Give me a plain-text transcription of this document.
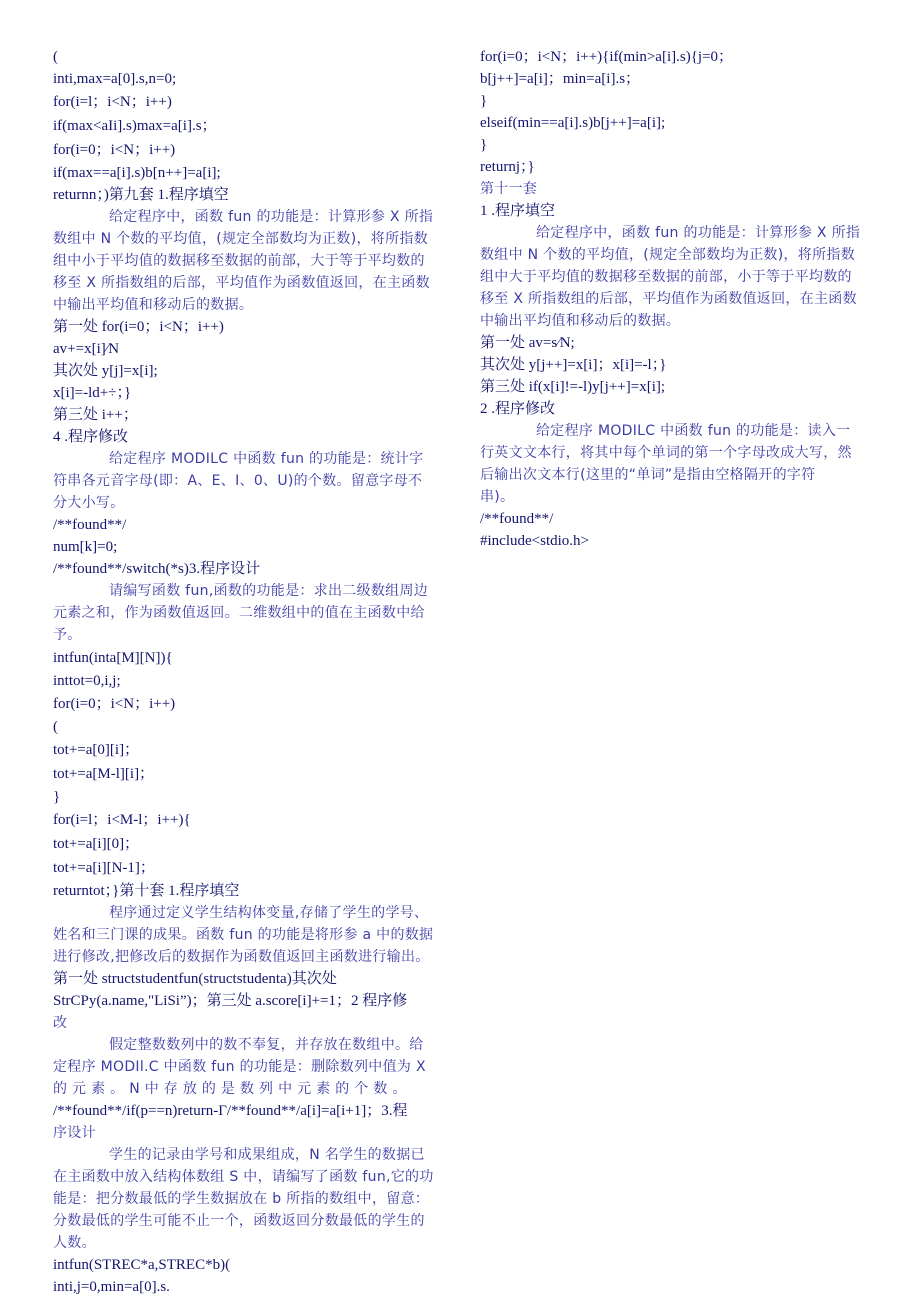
(
inti,max=a[0].s,n=0;
for(i=l；i<N；i++)
if(max<aIi].s)max=a[i].s；
for(i=0；i<N；i++)
if(max==a[i].s)b[n++]=a[i];
returnn；)第九套 1.程序填空
给定程序中，函数 fun 的功能是：计算形参 X 所指
数组中 N 个数的平均值，(规定全部数均为正数)，将所指数
组中小于平均值的数据移至数据的前部，大于等于平均数的
移至 X 所指数组的后部，平均值作为函数值返回，在主函数
中输出平均值和移动后的数据。
第一处 for(i=0；i<N；i++)
av+=x[i]∕N
其次处 y[j]=x[i];
x[i]=-ld+÷；}
第三处 i++；
4 .程序修改
给定程序 MODILC 中函数 fun 的功能是：统计字
符串各元音字母(即：A、E、I、0、U)的个数。留意字母不
分大小写。
/**found**/
num[k]=0;
/**found**/switch(*s)3.程序设计
请编写函数 fun,函数的功能是：求出二级数组周边
元素之和，作为函数值返回。二维数组中的值在主函数中给
予。
intfun(inta[M][N]){
inttot=0,i,j;
for(i=0；i<N；i++)
(
tot+=a[0][i]；
tot+=a[M-l][i]；
}
for(i=l；i<M-l；i++){
tot+=a[i][0]；
tot+=a[i][N-1]；
returntot；}第十套 1.程序填空
程序通过定义学生结构体变量,存储了学生的学号、
姓名和三门课的成果。函数 fun 的功能是将形参 a 中的数据
进行修改,把修改后的数据作为函数值返回主函数进行输出。
第一处 structstudentfun(structstudenta)其次处
StrCPy(a.name,"LiSi”)；第三处 a.score[i]+=1；2 程序修
改
假定整数数列中的数不奉复，并存放在数组中。给
定程序 MODIl.C 中函数 fun 的功能是：删除数列中值为 X
的 元 素 。 N 中 存 放 的 是 数 列 中 元 素 的 个 数 。
/**found**/if(p==n)return-Γ/**found**/a[i]=a[i+1]；3.程
序设计
学生的记录由学号和成果组成，N 名学生的数据已
在主函数中放入结构体数组 S 中，请编写了函数 fun,它的功
能是：把分数最低的学生数据放在 b 所指的数组中，留意：
分数最低的学生可能不止一个，函数返回分数最低的学生的
人数。
intfun(STREC*a,STREC*b)(
inti,j=0,min=a[0].s.
for(i=0；i<N；i++){if(min>a[i].s){j=0；
b[j++]=a[i]；min=a[i].s；
}
elseif(min==a[i].s)b[j++]=a[i];
}
returnj；}
第十一套
1 .程序填空
给定程序中，函数 fun 的功能是：计算形参 X 所指
数组中 N 个数的平均值，(规定全部数均为正数)，将所指数
组中大于平均值的数据移至数据的前部，小于等于平均数的
移至 X 所指数组的后部，平均值作为函数值返回，在主函数
中输出平均值和移动后的数据。
第一处 av=s∕N;
其次处 y[j++]=x[i]；x[i]=-l；}
第三处 if(x[i]!=-l)y[j++]=x[i];
2 .程序修改
给定程序 MODILC 中函数 fun 的功能是：读入一
行英文文本行，将其中每个单词的第一个字母改成大写，然
后输出次文本行(这里的“单词”是指由空格隔开的字符
串)。
/**found**/
#include<stdio.h>
